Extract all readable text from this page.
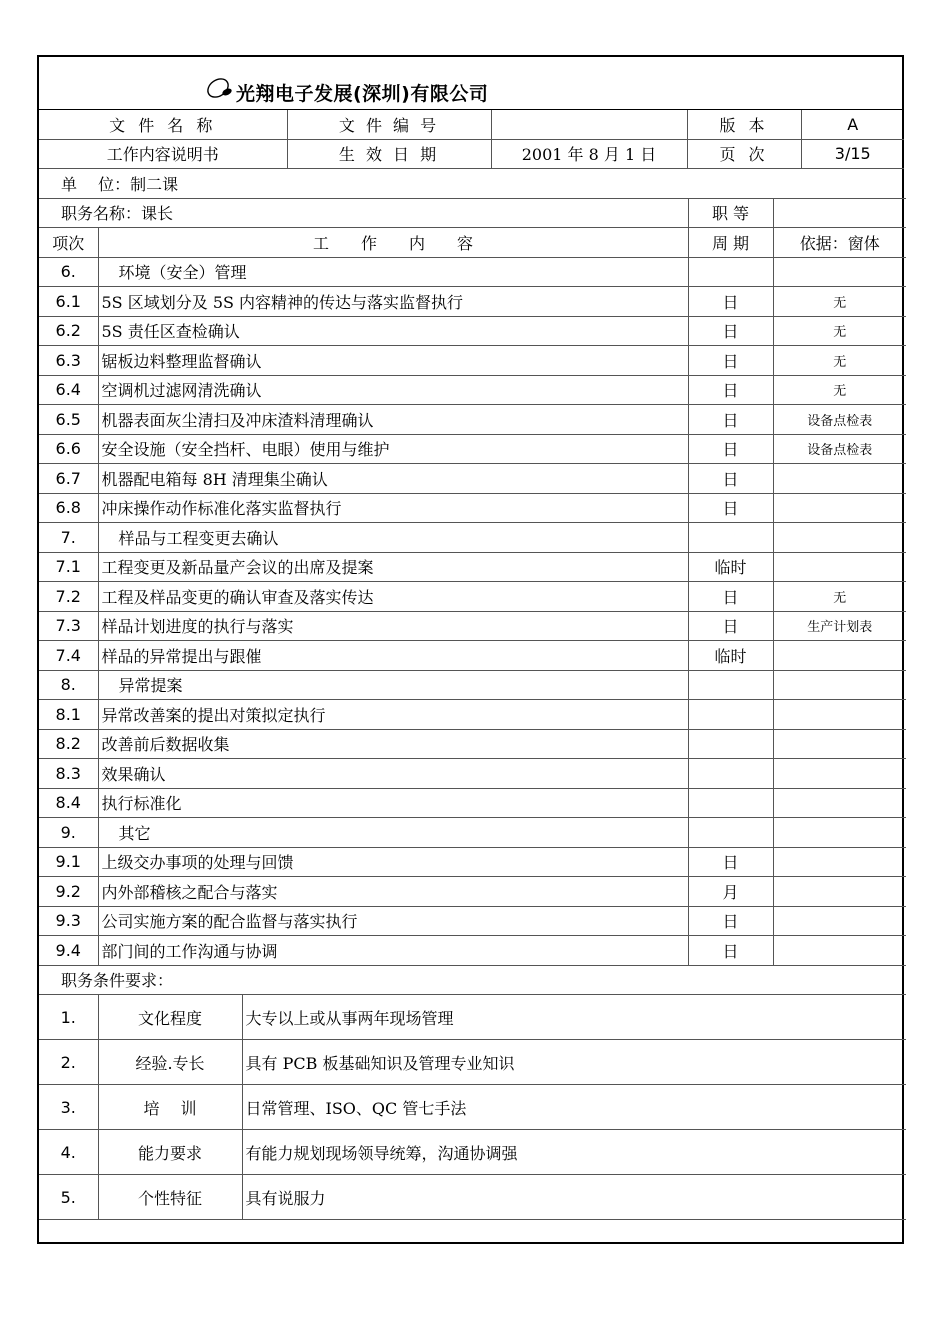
光翔电子发展(深圳)有限公司
文 件 名 称	文 件 编 号		版 本	A
工作内容说明书	生 效 日 期	2001 年 8 月 1 日	页 次	3/15
单　 位：制二课			
职务名称：课长		职 等	
项次	工　　作　　内　　容	周 期	依据：窗体
6.	环境（安全）管理		
6.1	5S 区域划分及 5S 内容精神的传达与落实监督执行	日	无
6.2	5S 责任区查检确认	日	无
6.3	锯板边料整理监督确认	日	无
6.4	空调机过滤网清洗确认	日	无
6.5	机器表面灰尘清扫及冲床渣料清理确认	日	设备点检表
6.6	安全设施（安全挡杆、电眼）使用与维护	日	设备点检表
6.7	机器配电箱每 8H 清理集尘确认	日	
6.8	冲床操作动作标准化落实监督执行	日	
7.	样品与工程变更去确认		
7.1	工程变更及新品量产会议的出席及提案	临时	
7.2	工程及样品变更的确认审查及落实传达	日	无
7.3	样品计划进度的执行与落实	日	生产计划表
7.4	样品的异常提出与跟催	临时	
8.	异常提案		
8.1	异常改善案的提出对策拟定执行		
8.2	改善前后数据收集		
8.3	效果确认		
8.4	执行标准化		
9.	其它		
9.1	上级交办事项的处理与回馈	日	
9.2	内外部稽核之配合与落实	月	
9.3	公司实施方案的配合监督与落实执行	日	
9.4	部门间的工作沟通与协调	日	
职务条件要求：		
1.	文化程度	大专以上或从事两年现场管理
2.	经验.专长	具有 PCB 板基础知识及管理专业知识
3.	培　 训	日常管理、ISO、QC 管七手法
4.	能力要求	有能力规划现场领导统筹，沟通协调强
5.	个性特征	具有说服力
